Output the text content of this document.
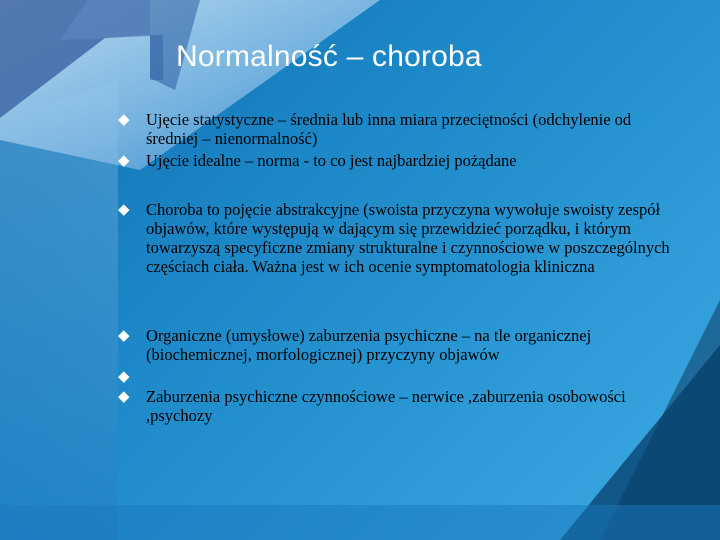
Normalność – choroba
◆ Ujęcie statystyczne – średnia lub inna miara przeciętności (odchylenie od średniej – nienormalność)
◆ Ujęcie idealne – norma - to co jest najbardziej pożądane
◆ Choroba to pojęcie abstrakcyjne (swoista przyczyna wywołuje swoisty zespół objawów, które występują w dającym się przewidzieć porządku, i którym towarzyszą specyficzne zmiany strukturalne i czynnościowe w poszczególnych częściach ciała. Ważna jest w ich ocenie symptomatologia kliniczna
◆ Organiczne (umysłowe) zaburzenia psychiczne – na tle organicznej (biochemicznej, morfologicznej) przyczyny objawów
◆
◆ Zaburzenia psychiczne czynnościowe – nerwice ,zaburzenia osobowości ,psychozy
